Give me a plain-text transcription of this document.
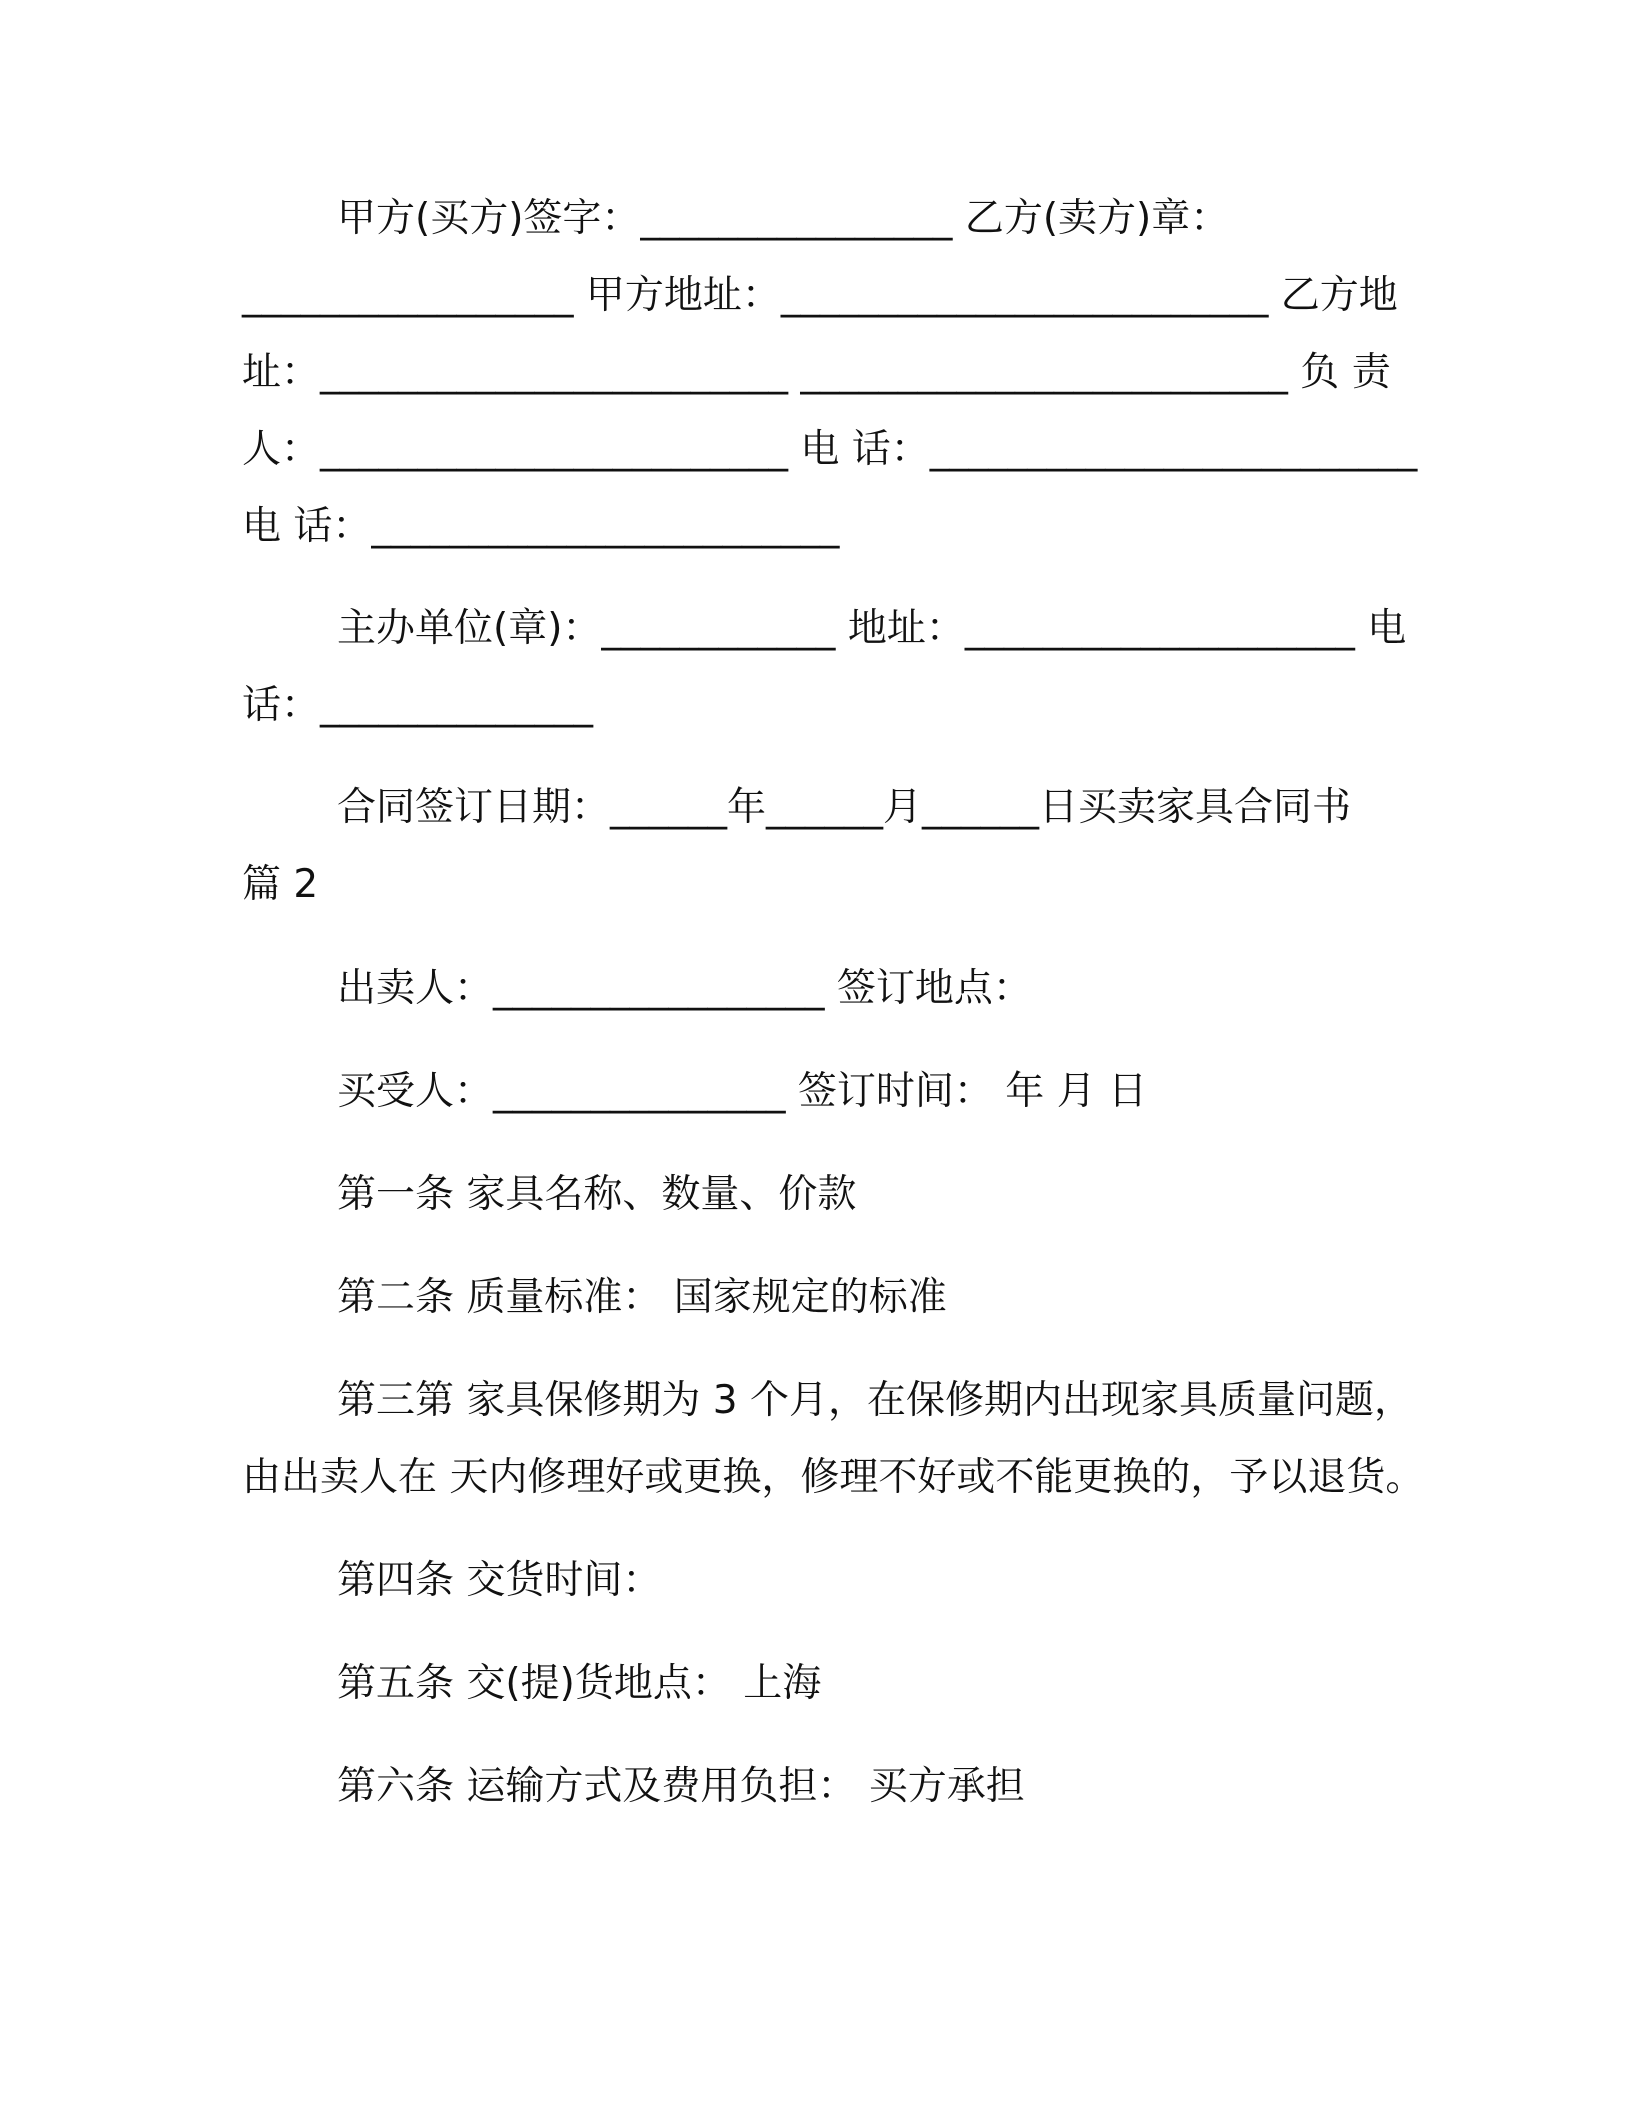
甲方(买方)签字：________________ 乙方(卖方)章：

_________________ 甲方地址：_________________________ 乙方地

址：________________________ _________________________ 负 责

人：________________________ 电 话：_________________________

电 话：________________________

主办单位(章)：____________ 地址：____________________ 电

话：______________

合同签订日期：______年______月______日买卖家具合同书

篇 2

出卖人：_________________ 签订地点：

买受人：_______________ 签订时间： 年 月 日

第一条 家具名称、数量、价款

第二条 质量标准： 国家规定的标准

第三第 家具保修期为 3 个月，在保修期内出现家具质量问题，

由出卖人在 天内修理好或更换，修理不好或不能更换的，予以退货。

第四条 交货时间：

第五条 交(提)货地点： 上海

第六条 运输方式及费用负担： 买方承担
